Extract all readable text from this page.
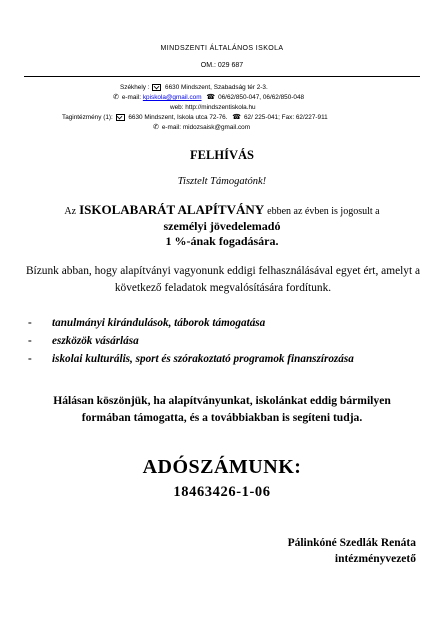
MINDSZENTI ÁLTALÁNOS ISKOLA
OM.: 029 687
Székhely : 6630 Mindszent, Szabadság tér 2-3.
✆ e-mail: kpiskola@gmail.com ☎ 06/62/850-047, 06/62/850-048
web: http://mindszentiskola.hu
Tagintézmény (1): 6630 Mindszent, Iskola utca 72-76. ☎ 62/ 225-041; Fax: 62/227-911
✆ e-mail: midozsaisk@gmail.com
FELHÍVÁS
Tisztelt Támogatónk!
Az ISKOLABARÁT ALAPÍTVÁNY ebben az évben is jogosult a
személyi jövedelemadó
1 %-ának fogadására.
Bízunk abban, hogy alapítványi vagyonunk eddigi felhasználásával egyet ért, amelyt a következő feladatok megvalósítására fordítunk.
- tanulmányi kirándulások, táborok támogatása
- eszközök vásárlása
- iskolai kulturális, sport és szórakoztató programok finanszírozása
Hálásan köszönjük, ha alapítványunkat, iskolánkat eddig bármilyen formában támogatta, és a továbbiakban is segíteni tudja.
ADÓSZÁMUNK:
18463426-1-06
Pálinkóné Szedlák Renáta
intézményvezető
